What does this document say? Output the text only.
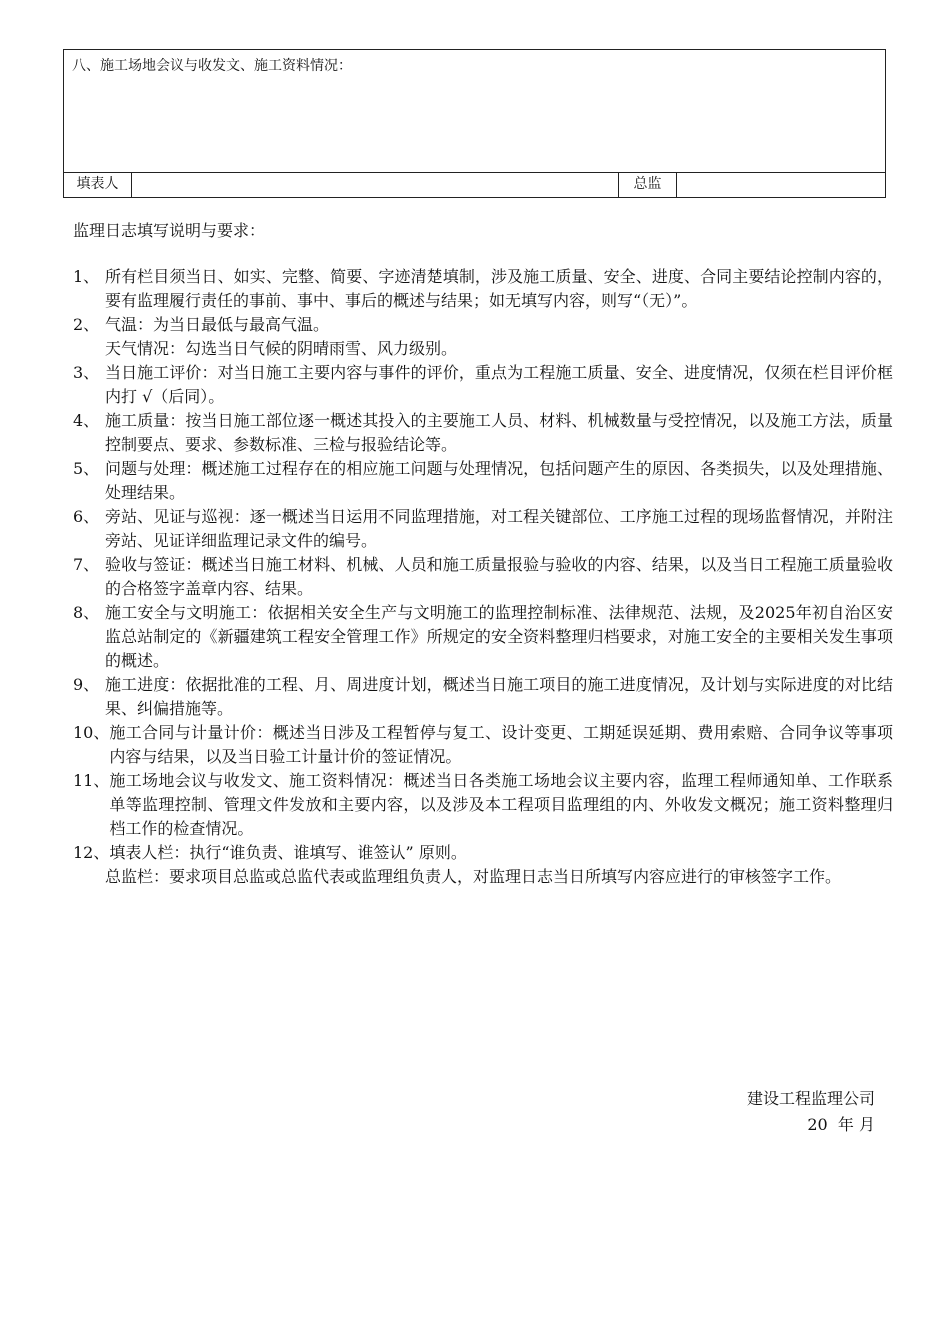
八、施工场地会议与收发文、施工资料情况：
填表人		总监	
监理日志填写说明与要求：
1、 所有栏目须当日、如实、完整、简要、字迹清楚填制，涉及施工质量、安全、进度、合同主要结论控制内容的，要有监理履行责任的事前、事中、事后的概述与结果；如无填写内容，则写“（无）”。
2、 气温：为当日最低与最高气温。
天气情况：勾选当日气候的阴晴雨雪、风力级别。
3、 当日施工评价：对当日施工主要内容与事件的评价，重点为工程施工质量、安全、进度情况，仅须在栏目评价框内打 √（后同）。
4、 施工质量：按当日施工部位逐一概述其投入的主要施工人员、材料、机械数量与受控情况，以及施工方法，质量控制要点、要求、参数标准、三检与报验结论等。
5、 问题与处理：概述施工过程存在的相应施工问题与处理情况，包括问题产生的原因、各类损失，以及处理措施、处理结果。
6、 旁站、见证与巡视：逐一概述当日运用不同监理措施，对工程关键部位、工序施工过程的现场监督情况，并附注旁站、见证详细监理记录文件的编号。
7、 验收与签证：概述当日施工材料、机械、人员和施工质量报验与验收的内容、结果，以及当日工程施工质量验收的合格签字盖章内容、结果。
8、 施工安全与文明施工：依据相关安全生产与文明施工的监理控制标准、法律规范、法规，及2025年初自治区安监总站制定的《新疆建筑工程安全管理工作》所规定的安全资料整理归档要求，对施工安全的主要相关发生事项的概述。
9、 施工进度：依据批准的工程、月、周进度计划，概述当日施工项目的施工进度情况，及计划与实际进度的对比结果、纠偏措施等。
10、 施工合同与计量计价：概述当日涉及工程暂停与复工、设计变更、工期延误延期、费用索赔、合同争议等事项内容与结果，以及当日验工计量计价的签证情况。
11、 施工场地会议与收发文、施工资料情况：概述当日各类施工场地会议主要内容，监理工程师通知单、工作联系单等监理控制、管理文件发放和主要内容，以及涉及本工程项目监理组的内、外收发文概况；施工资料整理归档工作的检查情况。
12、 填表人栏：执行“谁负责、谁填写、谁签认” 原则。
总监栏：要求项目总监或总监代表或监理组负责人，对监理日志当日所填写内容应进行的审核签字工作。
建设工程监理公司
20  年 月
